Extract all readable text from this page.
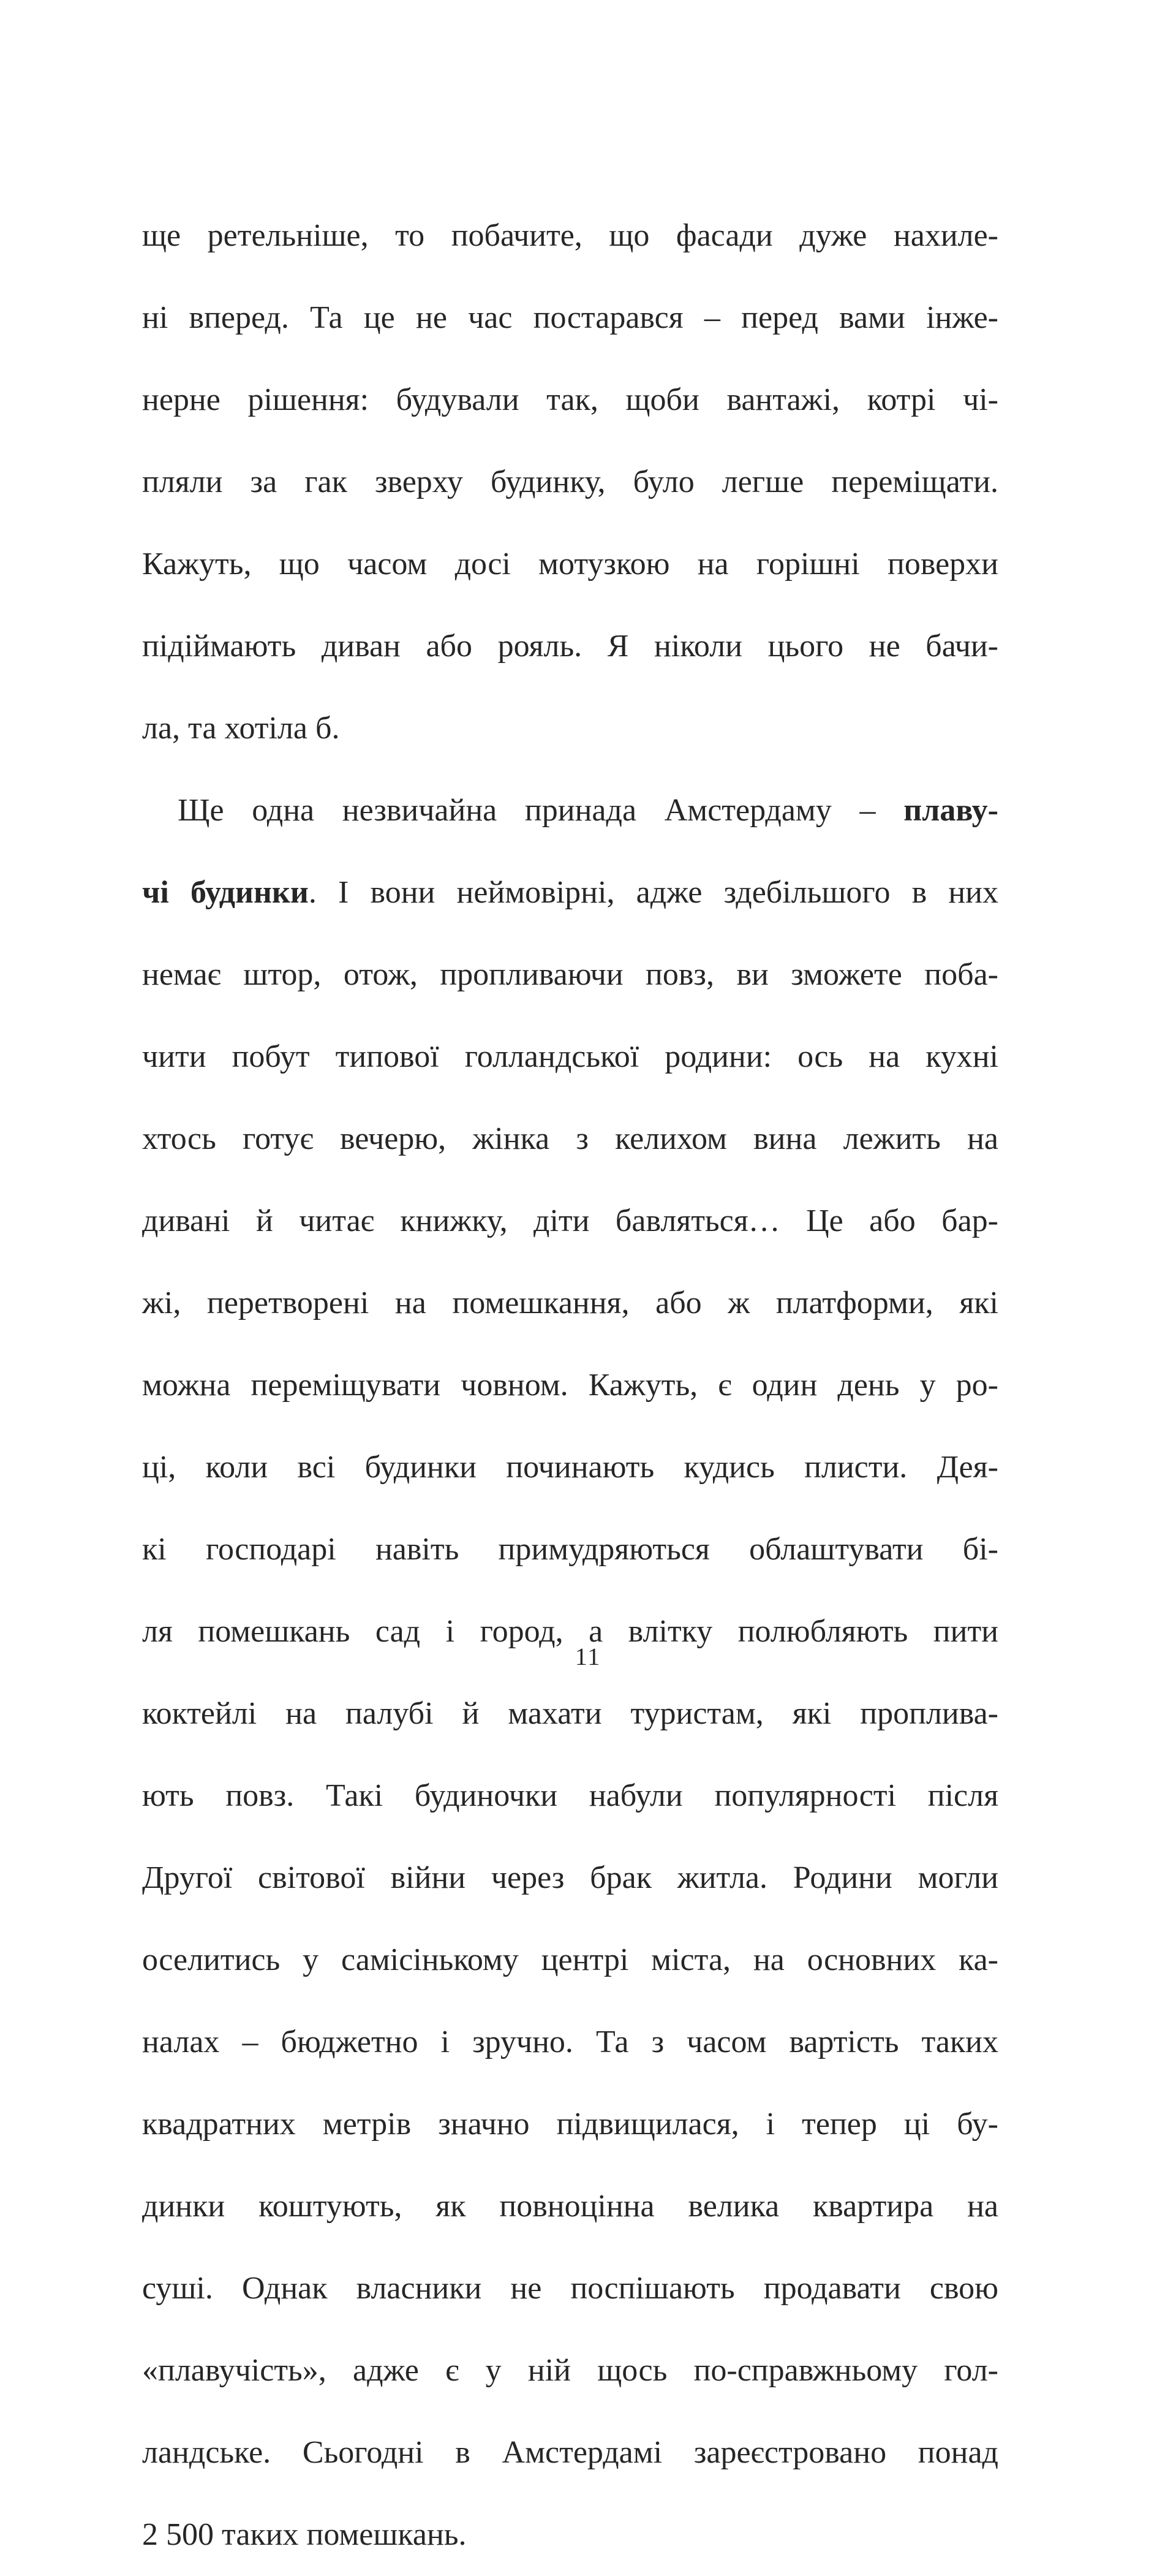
ще ретельніше, то побачите, що фасади дуже нахиле-
ні вперед. Та це не час постарався – перед вами інже-
нерне рішення: будували так, щоби вантажі, котрі чі-
пляли за гак зверху будинку, було легше переміщати.
Кажуть, що часом досі мотузкою на горішні поверхи
підіймають диван або рояль. Я ніколи цього не бачи-
ла, та хотіла б.
Ще одна незвичайна принада Амстердаму – плаву-
чі будинки. І вони неймовірні, адже здебільшого в них
немає штор, отож, пропливаючи повз, ви зможете поба-
чити побут типової голландської родини: ось на кухні
хтось готує вечерю, жінка з келихом вина лежить на
дивані й читає книжку, діти бавляться… Це або бар-
жі, перетворені на помешкання, або ж платформи, які
можна переміщувати човном. Кажуть, є один день у ро-
ці, коли всі будинки починають кудись плисти. Дея-
кі господарі навіть примудряються облаштувати бі-
ля помешкань сад і город, а влітку полюбляють пити
коктейлі на палубі й махати туристам, які проплива-
ють повз. Такі будиночки набули популярності після
Другої світової війни через брак житла. Родини могли
оселитись у самісінькому центрі міста, на основних ка-
налах – бюджетно і зручно. Та з часом вартість таких
квадратних метрів значно підвищилася, і тепер ці бу-
динки коштують, як повноцінна велика квартира на
суші. Однак власники не поспішають продавати свою
«плавучість», адже є у ній щось по-справжньому гол-
ландське. Сьогодні в Амстердамі зареєстровано понад
2 500 таких помешкань.
11
